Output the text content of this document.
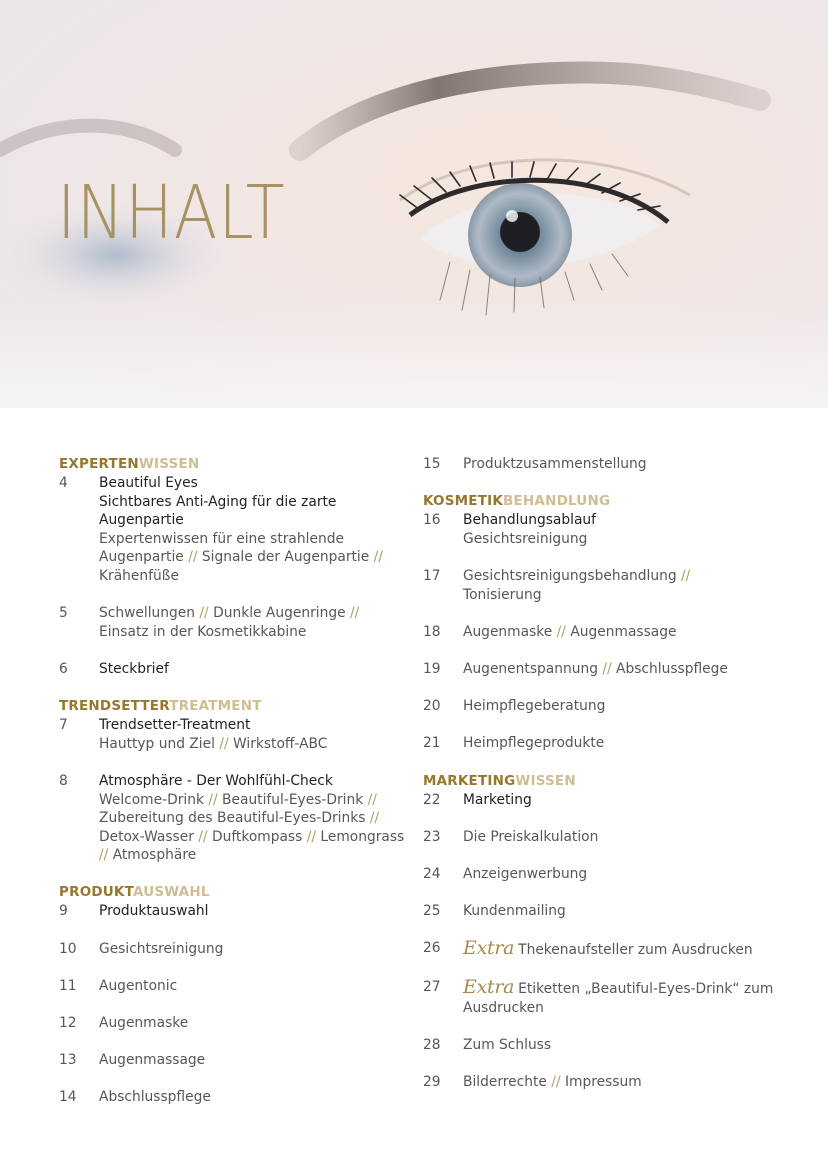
INHALT
EXPERTENWISSEN
4 Beautiful Eyes
Sichtbares Anti-Aging für die zarte Augenpartie
Expertenwissen für eine strahlende Augenpartie // Signale der Augenpartie // Krähenfüße
5 Schwellungen // Dunkle Augenringe // Einsatz in der Kosmetikkabine
6 Steckbrief
TRENDSETTERTREATMENT
7 Trendsetter-Treatment
Hauttyp und Ziel // Wirkstoff-ABC
8 Atmosphäre - Der Wohlfühl-Check
Welcome-Drink // Beautiful-Eyes-Drink // Zubereitung des Beautiful-Eyes-Drinks // Detox-Wasser // Duftkompass // Lemongrass // Atmosphäre
PRODUKTAUSWAHL
9 Produktauswahl
10 Gesichtsreinigung
11 Augentonic
12 Augenmaske
13 Augenmassage
14 Abschlusspflege
15 Produktzusammenstellung
KOSMETIKBEHANDLUNG
16 Behandlungsablauf
Gesichtsreinigung
17 Gesichtsreinigungsbehandlung //
Tonisierung
18 Augenmaske // Augenmassage
19 Augenentspannung // Abschlusspflege
20 Heimpflegeberatung
21 Heimpflegeprodukte
MARKETINGWISSEN
22 Marketing
23 Die Preiskalkulation
24 Anzeigenwerbung
25 Kundenmailing
26 Extra Thekenaufsteller zum Ausdrucken
27 Extra Etiketten „Beautiful-Eyes-Drink“ zum Ausdrucken
28 Zum Schluss
29 Bilderrechte // Impressum
